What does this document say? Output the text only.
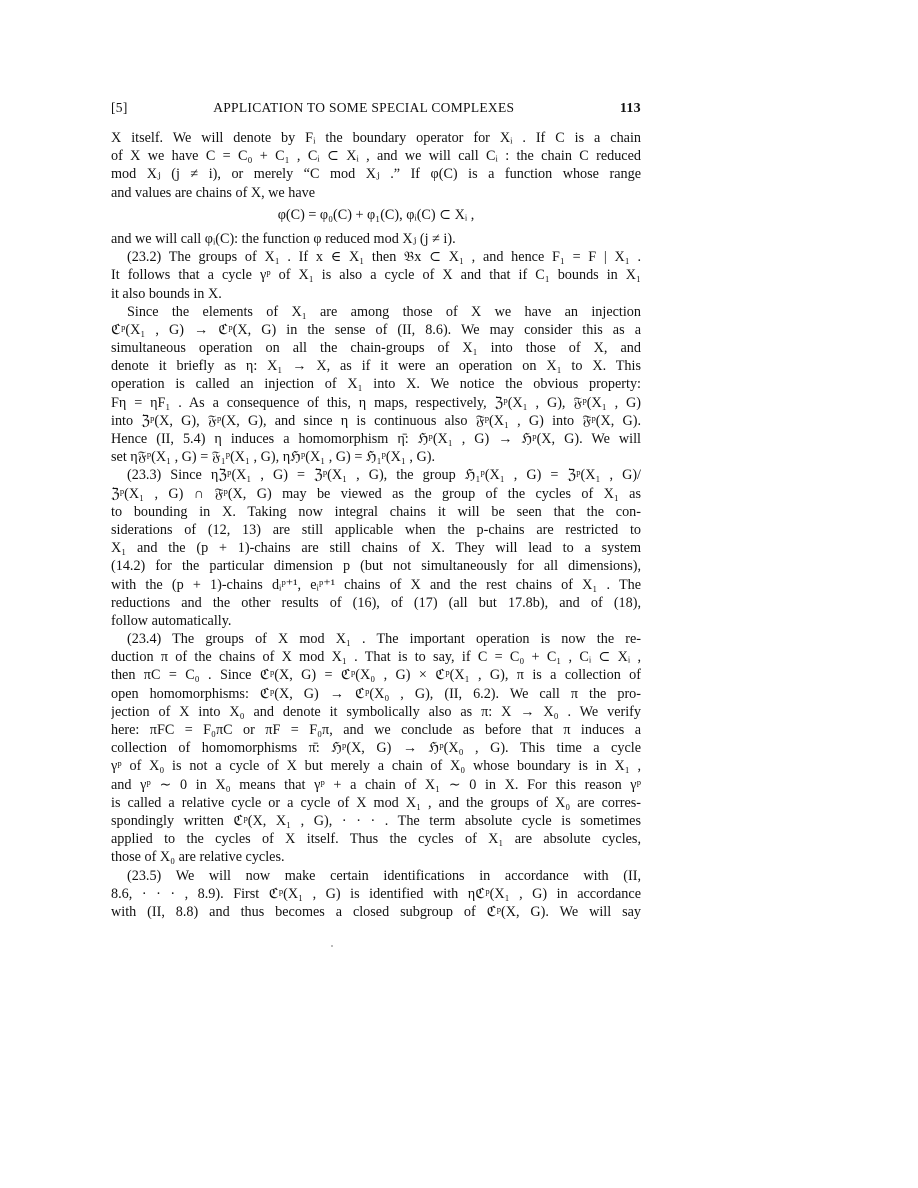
[5]	APPLICATION TO SOME SPECIAL COMPLEXES	113
X itself. We will denote by Fᵢ the boundary operator for Xᵢ . If C is a chain
of X we have C = C₀ + C₁ , Cᵢ ⊂ Xᵢ , and we will call Cᵢ : the chain C reduced
mod Xⱼ (j ≠ i), or merely “C mod Xⱼ .” If φ(C) is a function whose range
and values are chains of X, we have
φ(C) = φ₀(C) + φ₁(C), φᵢ(C) ⊂ Xᵢ ,
and we will call φᵢ(C): the function φ reduced mod Xⱼ (j ≠ i).
(23.2) The groups of X₁ . If x ∈ X₁ then 𝔅x ⊂ X₁ , and hence F₁ = F | X₁ .
It follows that a cycle γᵖ of X₁ is also a cycle of X and that if C₁ bounds in X₁
it also bounds in X.
Since the elements of X₁ are among those of X we have an injection
ℭᵖ(X₁ , G) → ℭᵖ(X, G) in the sense of (II, 8.6). We may consider this as a
simultaneous operation on all the chain-groups of X₁ into those of X, and
denote it briefly as η: X₁ → X, as if it were an operation on X₁ to X. This
operation is called an injection of X₁ into X. We notice the obvious property:
Fη = ηF₁ . As a consequence of this, η maps, respectively, ℨᵖ(X₁ , G), 𝔉ᵖ(X₁ , G)
into ℨᵖ(X, G), 𝔉ᵖ(X, G), and since η is continuous also 𝔉̄ᵖ(X₁ , G) into 𝔉̄ᵖ(X, G).
Hence (II, 5.4) η induces a homomorphism η̄: ℌᵖ(X₁ , G) → ℌᵖ(X, G). We will
set η𝔉ᵖ(X₁ , G) = 𝔉₁ᵖ(X₁ , G), ηℌᵖ(X₁ , G) = ℌ₁ᵖ(X₁ , G).
(23.3) Since ηℨᵖ(X₁ , G) = ℨᵖ(X₁ , G), the group ℌ₁ᵖ(X₁ , G) = ℨᵖ(X₁ , G)/
ℨᵖ(X₁ , G) ∩ 𝔉̄ᵖ(X, G) may be viewed as the group of the cycles of X₁ as
to bounding in X. Taking now integral chains it will be seen that the con-
siderations of (12, 13) are still applicable when the p-chains are restricted to
X₁ and the (p + 1)-chains are still chains of X. They will lead to a system
(14.2) for the particular dimension p (but not simultaneously for all dimensions),
with the (p + 1)-chains dᵢᵖ⁺¹, eᵢᵖ⁺¹ chains of X and the rest chains of X₁ . The
reductions and the other results of (16), of (17) (all but 17.8b), and of (18),
follow automatically.
(23.4) The groups of X mod X₁ . The important operation is now the re-
duction π of the chains of X mod X₁ . That is to say, if C = C₀ + C₁ , Cᵢ ⊂ Xᵢ ,
then πC = C₀ . Since ℭᵖ(X, G) = ℭᵖ(X₀ , G) × ℭᵖ(X₁ , G), π is a collection of
open homomorphisms: ℭᵖ(X, G) → ℭᵖ(X₀ , G), (II, 6.2). We call π the pro-
jection of X into X₀ and denote it symbolically also as π: X → X₀ . We verify
here: πFC = F₀πC or πF = F₀π, and we conclude as before that π induces a
collection of homomorphisms π̄: ℌᵖ(X, G) → ℌᵖ(X₀ , G). This time a cycle
γᵖ of X₀ is not a cycle of X but merely a chain of X₀ whose boundary is in X₁ ,
and γᵖ ∼ 0 in X₀ means that γᵖ + a chain of X₁ ∼ 0 in X. For this reason γᵖ
is called a relative cycle or a cycle of X mod X₁ , and the groups of X₀ are corres-
spondingly written ℭᵖ(X, X₁ , G), · · · . The term absolute cycle is sometimes
applied to the cycles of X itself. Thus the cycles of X₁ are absolute cycles,
those of X₀ are relative cycles.
(23.5) We will now make certain identifications in accordance with (II,
8.6, · · · , 8.9). First ℭᵖ(X₁ , G) is identified with ηℭᵖ(X₁ , G) in accordance
with (II, 8.8) and thus becomes a closed subgroup of ℭᵖ(X, G). We will say
